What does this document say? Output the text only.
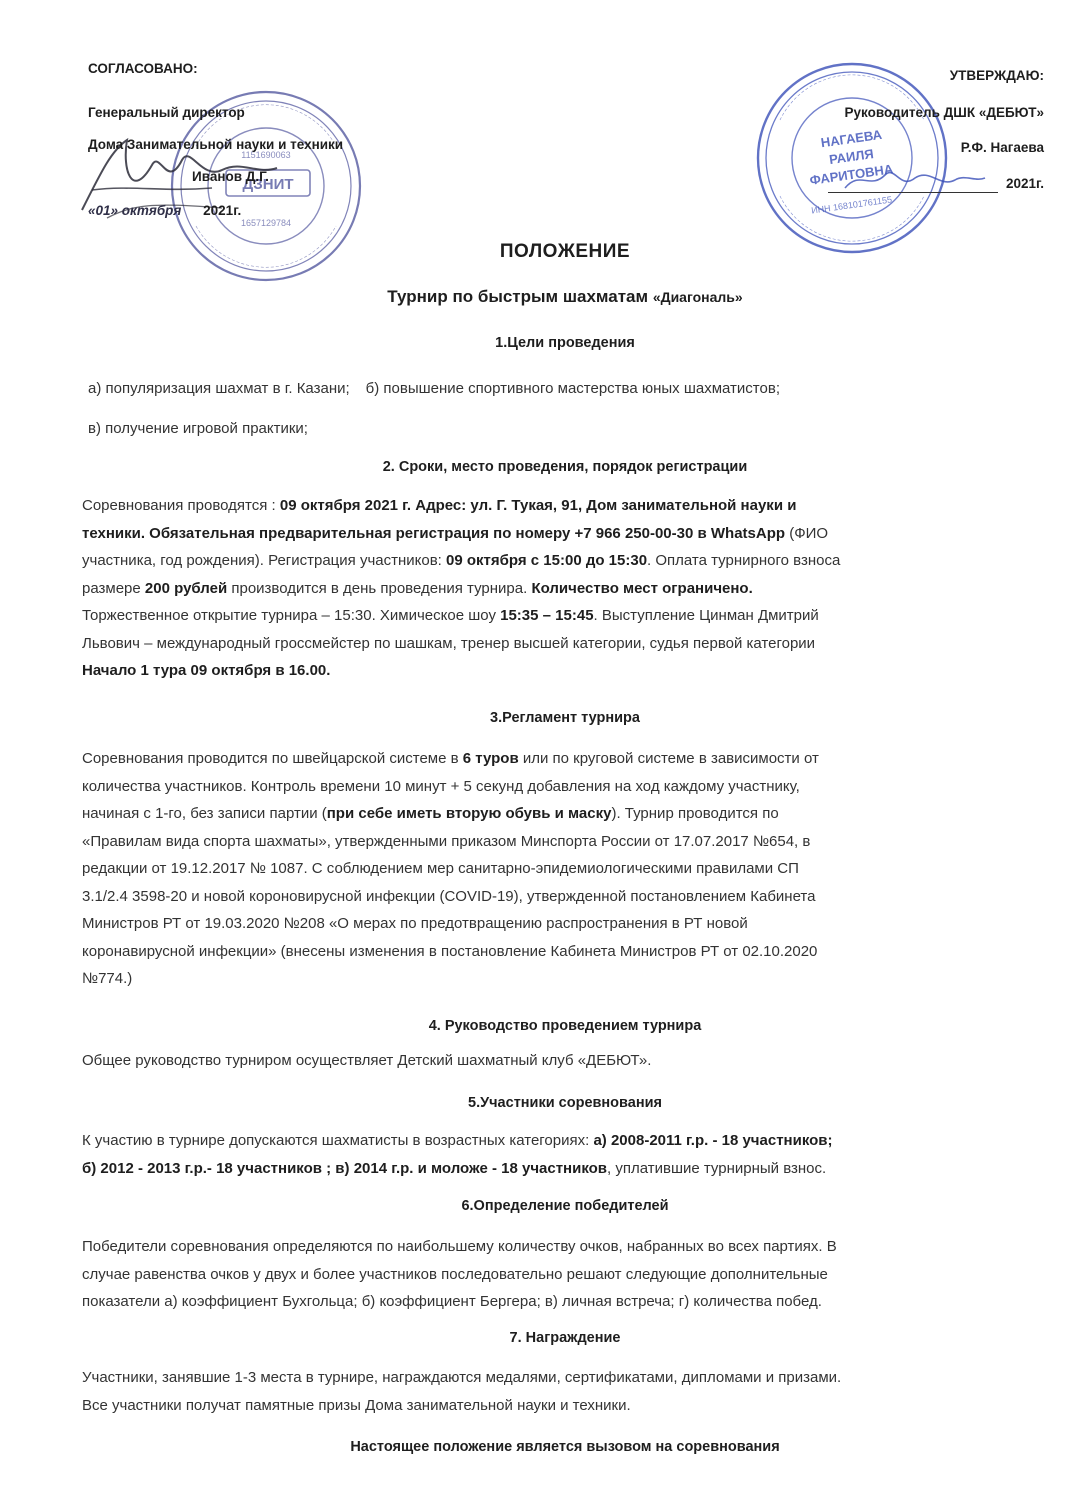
ДЗНИТ
1657129784
1151690063
НАГАЕВА
РАИЛЯ
ФАРИТОВНА
ИНН 168101761155
СОГЛАСОВАНО:
Генеральный директор
Дома Занимательной науки и техники
Иванов Д.Г.
«01» октября 2021г.
УТВЕРЖДАЮ:
Руководитель ДШК «ДЕБЮТ»
Р.Ф. Нагаева
2021г.
ПОЛОЖЕНИЕ
Турнир по быстрым шахматам «Диагональ»
1.Цели проведения
а) популяризация шахмат в г. Казани; б) повышение спортивного мастерства юных шахматистов;
в) получение игровой практики;
2. Сроки, место проведения, порядок регистрации
Соревнования проводятся : 09 октября 2021 г. Адрес: ул. Г. Тукая, 91, Дом занимательной науки и
техники. Обязательная предварительная регистрация по номеру +7 966 250-00-30 в WhatsApp (ФИО
участника, год рождения). Регистрация участников: 09 октября с 15:00 до 15:30. Оплата турнирного взноса
размере 200 рублей производится в день проведения турнира. Количество мест ограничено.
Торжественное открытие турнира – 15:30. Химическое шоу 15:35 – 15:45. Выступление Цинман Дмитрий
Львович – международный гроссмейстер по шашкам, тренер высшей категории, судья первой категории
Начало 1 тура 09 октября в 16.00.
3.Регламент турнира
Соревнования проводится по швейцарской системе в 6 туров или по круговой системе в зависимости от
количества участников. Контроль времени 10 минут + 5 секунд добавления на ход каждому участнику,
начиная с 1-го, без записи партии (при себе иметь вторую обувь и маску). Турнир проводится по
«Правилам вида спорта шахматы», утвержденными приказом Минспорта России от 17.07.2017 №654, в
редакции от 19.12.2017 № 1087. С соблюдением мер санитарно-эпидемиологическими правилами СП
3.1/2.4 3598-20 и новой короновирусной инфекции (COVID-19), утвержденной постановлением Кабинета
Министров РТ от 19.03.2020 №208 «О мерах по предотвращению распространения в РТ новой
коронавирусной инфекции» (внесены изменения в постановление Кабинета Министров РТ от 02.10.2020
№774.)
4. Руководство проведением турнира
Общее руководство турниром осуществляет Детский шахматный клуб «ДЕБЮТ».
5.Участники соревнования
К участию в турнире допускаются шахматисты в возрастных категориях: а) 2008-2011 г.р. - 18 участников;
б) 2012 - 2013 г.р.- 18 участников ; в) 2014 г.р. и моложе - 18 участников, уплатившие турнирный взнос.
6.Определение победителей
Победители соревнования определяются по наибольшему количеству очков, набранных во всех партиях. В
случае равенства очков у двух и более участников последовательно решают следующие дополнительные
показатели а) коэффициент Бухгольца; б) коэффициент Бергера; в) личная встреча; г) количества побед.
7. Награждение
Участники, занявшие 1-3 места в турнире, награждаются медалями, сертификатами, дипломами и призами.
Все участники получат памятные призы Дома занимательной науки и техники.
Настоящее положение является вызовом на соревнования
